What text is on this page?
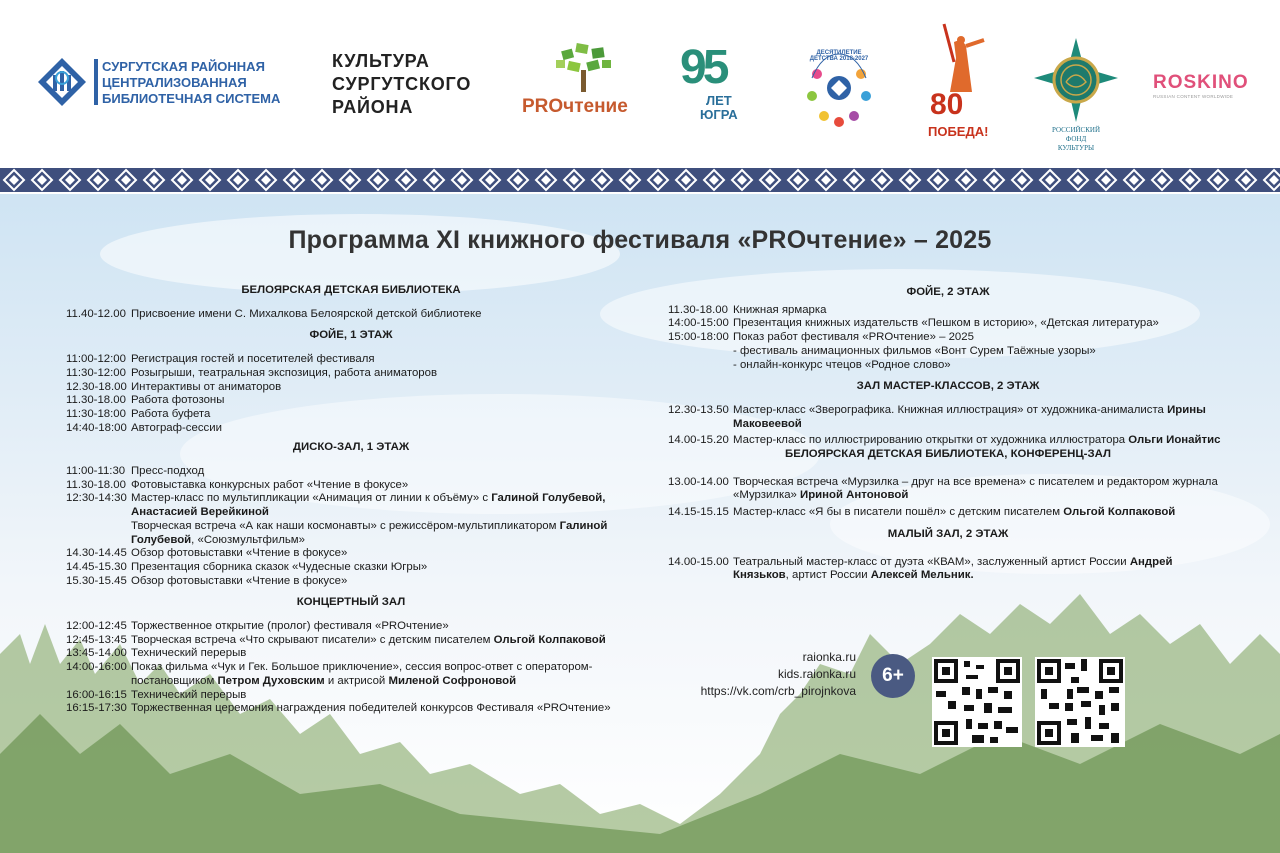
СУРГУТСКАЯ РАЙОННАЯ
ЦЕНТРАЛИЗОВАННАЯ
БИБЛИОТЕЧНАЯ СИСТЕМА
КУЛЬТУРА
СУРГУТСКОГО
РАЙОНА	PROчтение
95
ЛЕТ
ЮГРА
ДЕСЯТИЛЕТИЕ ДЕТСТВА 2018-2027
80
ПОБЕДА!	РОССИЙСКИЙ
ФОНД
КУЛЬТУРЫ
ROSKINO
RUSSIAN CONTENT WORLDWIDE
Программа XI книжного фестиваля «PROчтение» – 2025
БЕЛОЯРСКАЯ ДЕТСКАЯ БИБЛИОТЕКА
11.40-12.00 Присвоение имени С. Михалкова Белоярской детской библиотеке
ФОЙЕ, 1 ЭТАЖ
11:00-12:00 Регистрация гостей и посетителей фестиваля
11:30-12:00 Розыгрыши, театральная экспозиция, работа аниматоров
12.30-18.00 Интерактивы от аниматоров
11.30-18.00 Работа фотозоны
11:30-18:00 Работа буфета
14:40-18:00 Автограф-сессии
ДИСКО-ЗАЛ, 1 ЭТАЖ
11:00-11:30 Пресс-подход
11.30-18.00 Фотовыставка конкурсных работ «Чтение в фокусе»
12:30-14:30 Мастер-класс по мультипликации «Анимация от линии к объёму» с Галиной Голубевой, Анастасией Верейкиной
Творческая встреча «А как наши космонавты» с режиссёром-мультипликатором Галиной Голубевой, «Союзмультфильм»
14.30-14.45 Обзор фотовыставки «Чтение в фокусе»
14.45-15.30 Презентация сборника сказок «Чудесные сказки Югры»
15.30-15.45 Обзор фотовыставки «Чтение в фокусе»
КОНЦЕРТНЫЙ ЗАЛ
12:00-12:45 Торжественное открытие (пролог) фестиваля «PROчтение»
12:45-13:45 Творческая встреча «Что скрывают писатели» с детским писателем Ольгой Колпаковой
13:45-14.00 Технический перерыв
14:00-16:00 Показ фильма «Чук и Гек. Большое приключение», сессия вопрос-ответ с оператором-постановщиком Петром Духовским и актрисой Миленой Софроновой
16:00-16:15 Технический перерыв
16:15-17:30 Торжественная церемония награждения победителей конкурсов Фестиваля «PROчтение»
ФОЙЕ, 2 ЭТАЖ
11.30-18.00 Книжная ярмарка
14:00-15:00 Презентация книжных издательств «Пешком в историю», «Детская литература»
15:00-18:00 Показ работ фестиваля «PROчтение» – 2025
- фестиваль анимационных фильмов «Вонт Сурем Таёжные узоры»
- онлайн-конкурс чтецов «Родное слово»
ЗАЛ МАСТЕР-КЛАССОВ, 2 ЭТАЖ
12.30-13.50 Мастер-класс «Зверографика. Книжная иллюстрация» от художника-анималиста Ирины Маковеевой
14.00-15.20 Мастер-класс по иллюстрированию открытки от художника иллюстратора Ольги Ионайтис
БЕЛОЯРСКАЯ ДЕТСКАЯ БИБЛИОТЕКА, КОНФЕРЕНЦ-ЗАЛ
13.00-14.00 Творческая встреча «Мурзилка – друг на все времена» с писателем и редактором журнала «Мурзилка» Ириной Антоновой
14.15-15.15 Мастер-класс «Я бы в писатели пошёл» с детским писателем Ольгой Колпаковой
МАЛЫЙ ЗАЛ, 2 ЭТАЖ
14.00-15.00 Театральный мастер-класс от дуэта «КВАМ», заслуженный артист России Андрей Князьков, артист России Алексей Мельник.
raionka.ru
kids.raionka.ru
https://vk.com/crb_pirojnkova
6+
